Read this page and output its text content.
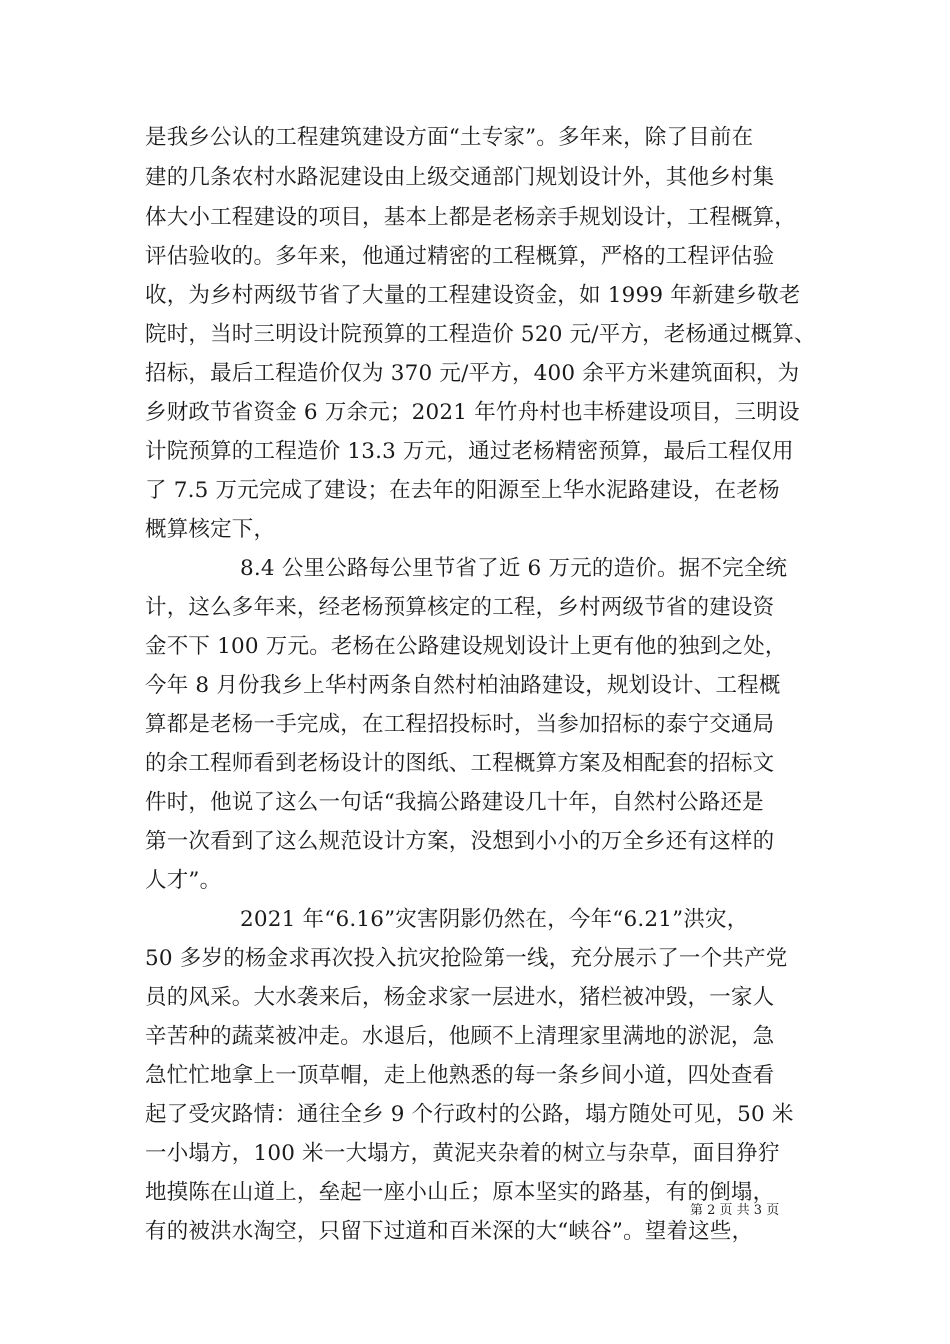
是我乡公认的工程建筑建设方面“土专家”。多年来，除了目前在
建的几条农村水路泥建设由上级交通部门规划设计外，其他乡村集
体大小工程建设的项目，基本上都是老杨亲手规划设计，工程概算，
评估验收的。多年来，他通过精密的工程概算，严格的工程评估验
收，为乡村两级节省了大量的工程建设资金，如 1999 年新建乡敬老
院时，当时三明设计院预算的工程造价 520 元/平方，老杨通过概算、
招标，最后工程造价仅为 370 元/平方，400 余平方米建筑面积，为
乡财政节省资金 6 万余元；2021 年竹舟村也丰桥建设项目，三明设
计院预算的工程造价 13.3 万元，通过老杨精密预算，最后工程仅用
了 7.5 万元完成了建设；在去年的阳源至上华水泥路建设，在老杨
概算核定下，
8.4 公里公路每公里节省了近 6 万元的造价。据不完全统
计，这么多年来，经老杨预算核定的工程，乡村两级节省的建设资
金不下 100 万元。老杨在公路建设规划设计上更有他的独到之处，
今年 8 月份我乡上华村两条自然村柏油路建设，规划设计、工程概
算都是老杨一手完成，在工程招投标时，当参加招标的泰宁交通局
的余工程师看到老杨设计的图纸、工程概算方案及相配套的招标文
件时，他说了这么一句话“我搞公路建设几十年，自然村公路还是
第一次看到了这么规范设计方案，没想到小小的万全乡还有这样的
人才”。
2021 年“6.16”灾害阴影仍然在，今年“6.21”洪灾，
50 多岁的杨金求再次投入抗灾抢险第一线，充分展示了一个共产党
员的风采。大水袭来后，杨金求家一层进水，猪栏被冲毁，一家人
辛苦种的蔬菜被冲走。水退后，他顾不上清理家里满地的淤泥，急
急忙忙地拿上一顶草帽，走上他熟悉的每一条乡间小道，四处查看
起了受灾路情：通往全乡 9 个行政村的公路，塌方随处可见，50 米
一小塌方，100 米一大塌方，黄泥夹杂着的树立与杂草，面目狰狞
地摸陈在山道上，垒起一座小山丘；原本坚实的路基，有的倒塌，
有的被洪水淘空，只留下过道和百米深的大“峡谷”。望着这些，
第 2 页 共 3 页
